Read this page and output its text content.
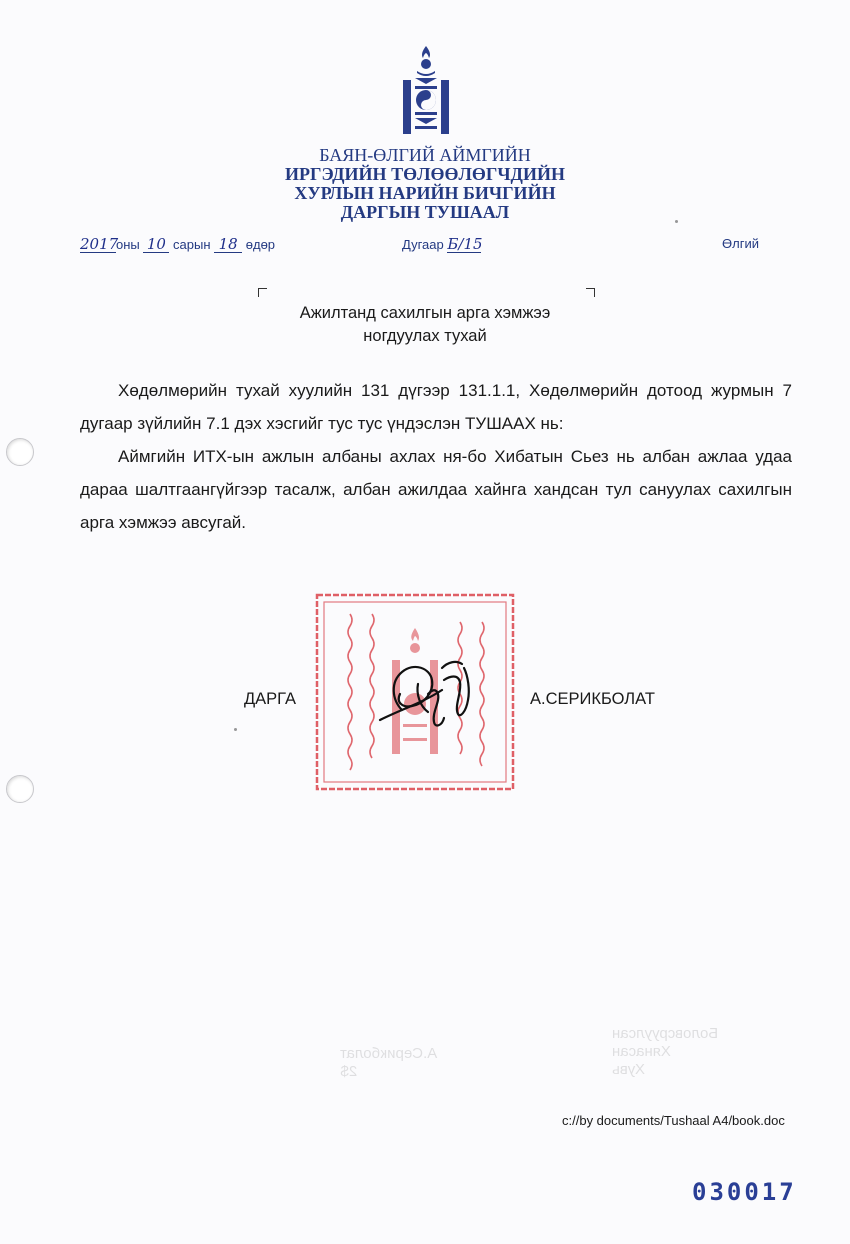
БАЯН-ӨЛГИЙ АЙМГИЙН
ИРГЭДИЙН ТӨЛӨӨЛӨГЧДИЙН
ХУРЛЫН НАРИЙН БИЧГИЙН
ДАРГЫН ТУШААЛ
2017оны 10 сарын 18 өдөр	Дугаар Б/15	Өлгий
Ажилтанд сахилгын арга хэмжээ
ногдуулах тухай

Хөдөлмөрийн тухай хуулийн 131 дүгээр 131.1.1, Хөдөлмөрийн дотоод журмын 7 дугаар зүйлийн 7.1 дэх хэсгийг тус тус үндэслэн ТУШААХ нь:

Аймгийн ИТХ-ын ажлын албаны ахлах ня-бо Хибатын Сьез нь албан ажлаа удаа дараа шалтгаангүйгээр тасалж, албан ажилдаа хайнга хандсан тул сануулах сахилгын арга хэмжээ авсугай.

ДАРГА	А.СЕРИКБОЛАТ
Боловсруулсан
Хянасан
Хувь
А.Серикболат
2$
c://by documents/Tushaal A4/book.doc
030017
